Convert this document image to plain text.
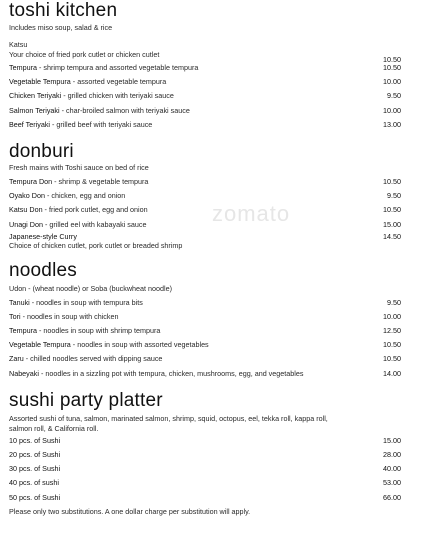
zomato
toshi kitchen
Includes miso soup, salad & rice
Katsu
Your choice of fried pork cutlet or chicken cutlet
10.50
Tempura - shrimp tempura and assorted vegetable tempura	10.50
Vegetable Tempura - assorted vegetable tempura	10.00
Chicken Teriyaki - grilled chicken with teriyaki sauce	9.50
Salmon Teriyaki - char-broiled salmon with teriyaki sauce	10.00
Beef Teriyaki - grilled beef with teriyaki sauce	13.00
donburi
Fresh mains with Toshi sauce on bed of rice
Tempura Don - shrimp & vegetable tempura	10.50
Oyako Don - chicken, egg and onion	9.50
Katsu Don - fried pork cutlet, egg and onion	10.50
Unagi Don - grilled eel with kabayaki sauce	15.00
Japanese-style Curry	14.50
Choice of chicken cutlet, pork cutlet or breaded shrimp
noodles
Udon - (wheat noodle) or Soba (buckwheat noodle)
Tanuki - noodles in soup with tempura bits	9.50
Tori - noodles in soup with chicken	10.00
Tempura - noodles in soup with shrimp tempura	12.50
Vegetable Tempura - noodles in soup with assorted vegetables	10.50
Zaru - chilled noodles served with dipping sauce	10.50
Nabeyaki - noodles in a sizzling pot with tempura, chicken, mushrooms, egg, and vegetables	14.00
sushi party platter
Assorted sushi of tuna, salmon, marinated salmon, shrimp, squid, octopus, eel, tekka roll, kappa roll,
salmon roll, & California roll.
10 pcs. of Sushi	15.00
20 pcs. of Sushi	28.00
30 pcs. of Sushi	40.00
40 pcs. of sushi	53.00
50 pcs. of Sushi	66.00
Please only two substitutions. A one dollar charge per substitution will apply.
